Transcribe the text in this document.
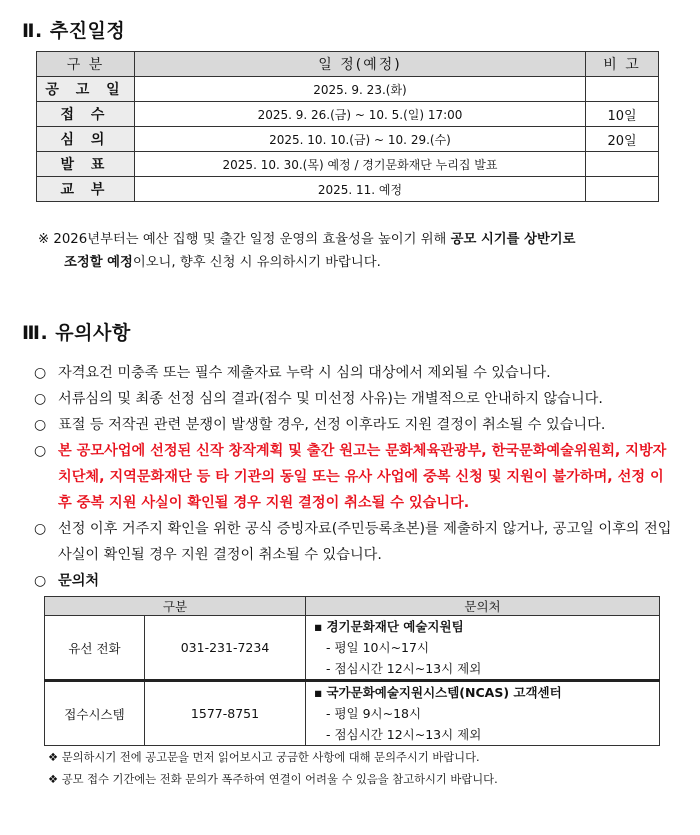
Ⅱ. 추진일정
구 분	일 정(예정)	비 고
공 고 일	2025. 9. 23.(화)	
접 수	2025. 9. 26.(금) ~ 10. 5.(일) 17:00	10일
심 의	2025. 10. 10.(금) ~ 10. 29.(수)	20일
발 표	2025. 10. 30.(목) 예정 / 경기문화재단 누리집 발표	
교 부	2025. 11. 예정	
※ 2026년부터는 예산 집행 및 출간 일정 운영의 효율성을 높이기 위해 공모 시기를 상반기로
조정할 예정이오니, 향후 신청 시 유의하시기 바랍니다.
Ⅲ. 유의사항
○ 자격요건 미충족 또는 필수 제출자료 누락 시 심의 대상에서 제외될 수 있습니다.
○ 서류심의 및 최종 선정 심의 결과(점수 및 미선정 사유)는 개별적으로 안내하지 않습니다.
○ 표절 등 저작권 관련 분쟁이 발생할 경우, 선정 이후라도 지원 결정이 취소될 수 있습니다.
○ 본 공모사업에 선정된 신작 창작계획 및 출간 원고는 문화체육관광부, 한국문화예술위원회, 지방자치단체, 지역문화재단 등 타 기관의 동일 또는 유사 사업에 중복 신청 및 지원이 불가하며, 선정 이후 중복 지원 사실이 확인될 경우 지원 결정이 취소될 수 있습니다.
○ 선정 이후 거주지 확인을 위한 공식 증빙자료(주민등록초본)를 제출하지 않거나, 공고일 이후의 전입 사실이 확인될 경우 지원 결정이 취소될 수 있습니다.
○ 문의처
구분		문의처
유선 전화	031-231-7234	▪ 경기문화재단 예술지원팀
- 평일 10시~17시
- 점심시간 12시~13시 제외

접수시스템	1577-8751	▪ 국가문화예술지원시스템(NCAS) 고객센터
- 평일 9시~18시
- 점심시간 12시~13시 제외
❖ 문의하시기 전에 공고문을 먼저 읽어보시고 궁금한 사항에 대해 문의주시기 바랍니다.
❖ 공모 접수 기간에는 전화 문의가 폭주하여 연결이 어려울 수 있음을 참고하시기 바랍니다.
